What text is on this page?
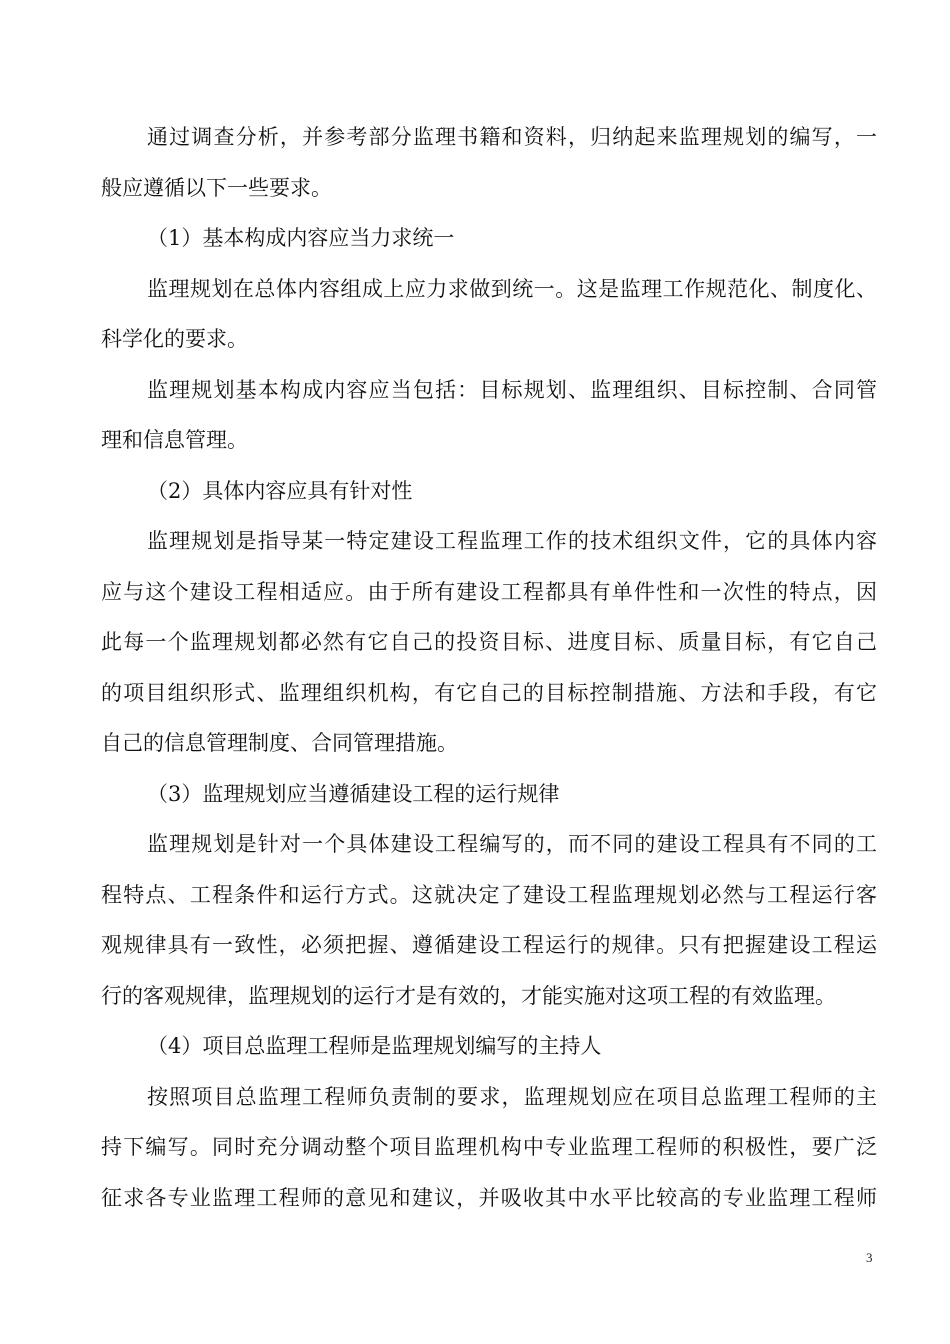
通过调查分析，并参考部分监理书籍和资料，归纳起来监理规划的编写，一
般应遵循以下一些要求。
（1）基本构成内容应当力求统一
监理规划在总体内容组成上应力求做到统一。这是监理工作规范化、制度化、
科学化的要求。
监理规划基本构成内容应当包括：目标规划、监理组织、目标控制、合同管
理和信息管理。
（2）具体内容应具有针对性
监理规划是指导某一特定建设工程监理工作的技术组织文件，它的具体内容
应与这个建设工程相适应。由于所有建设工程都具有单件性和一次性的特点，因
此每一个监理规划都必然有它自己的投资目标、进度目标、质量目标，有它自己
的项目组织形式、监理组织机构，有它自己的目标控制措施、方法和手段，有它
自己的信息管理制度、合同管理措施。
（3）监理规划应当遵循建设工程的运行规律
监理规划是针对一个具体建设工程编写的，而不同的建设工程具有不同的工
程特点、工程条件和运行方式。这就决定了建设工程监理规划必然与工程运行客
观规律具有一致性，必须把握、遵循建设工程运行的规律。只有把握建设工程运
行的客观规律，监理规划的运行才是有效的，才能实施对这项工程的有效监理。
（4）项目总监理工程师是监理规划编写的主持人
按照项目总监理工程师负责制的要求，监理规划应在项目总监理工程师的主
持下编写。同时充分调动整个项目监理机构中专业监理工程师的积极性，要广泛
征求各专业监理工程师的意见和建议，并吸收其中水平比较高的专业监理工程师
3
